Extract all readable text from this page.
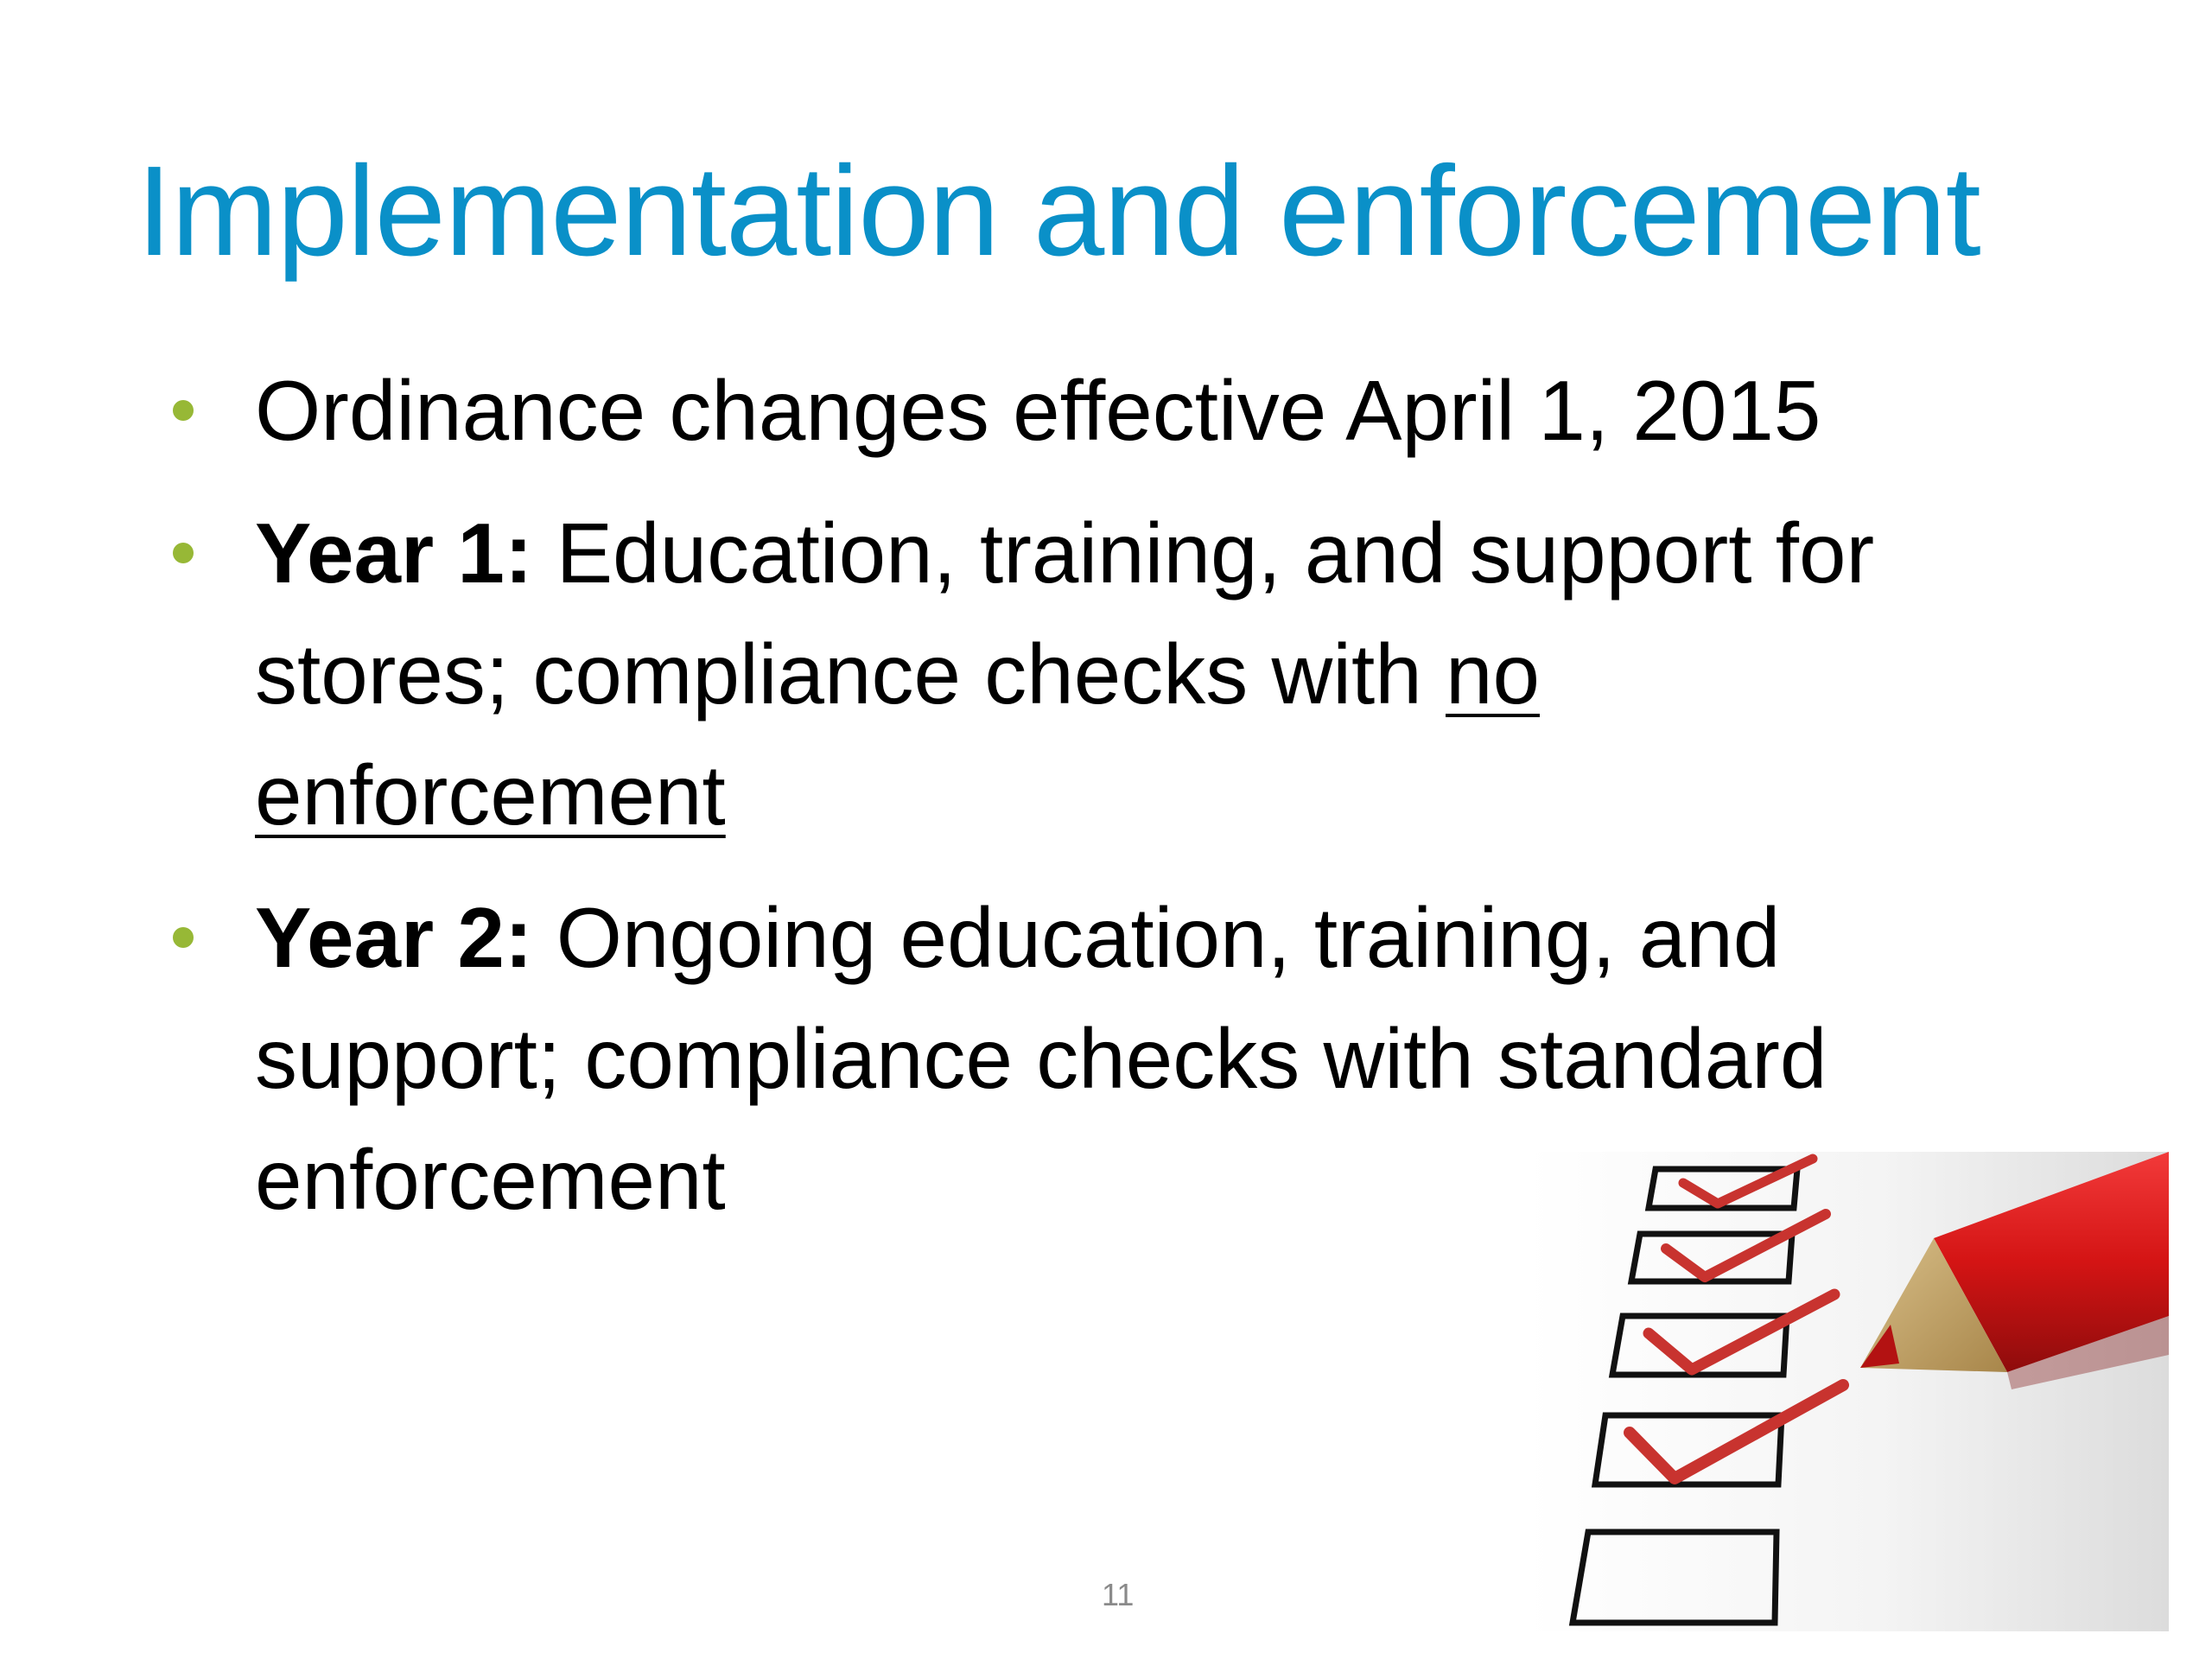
Implementation and enforcement
Ordinance changes effective April 1, 2015
Year 1: Education, training, and support for stores; compliance checks with no enforcement
Year 2: Ongoing education, training, and support; compliance checks with standard enforcement
11
